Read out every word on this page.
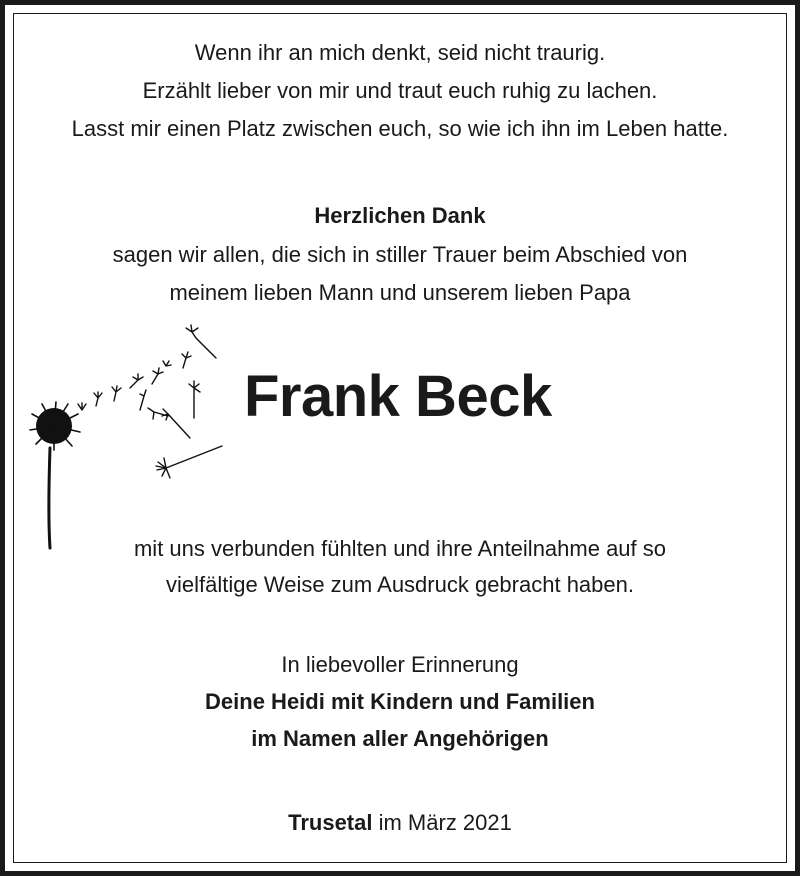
Wenn ihr an mich denkt, seid nicht traurig.
Erzählt lieber von mir und traut euch ruhig zu lachen.
Lasst mir einen Platz zwischen euch, so wie ich ihn im Leben hatte.
Herzlichen Dank
sagen wir allen, die sich in stiller Trauer beim Abschied von
meinem lieben Mann und unserem lieben Papa
Frank Beck
mit uns verbunden fühlten und ihre Anteilnahme auf so
vielfältige Weise zum Ausdruck gebracht haben.
In liebevoller Erinnerung
Deine Heidi mit Kindern und Familien
im Namen aller Angehörigen
Trusetal im März 2021
